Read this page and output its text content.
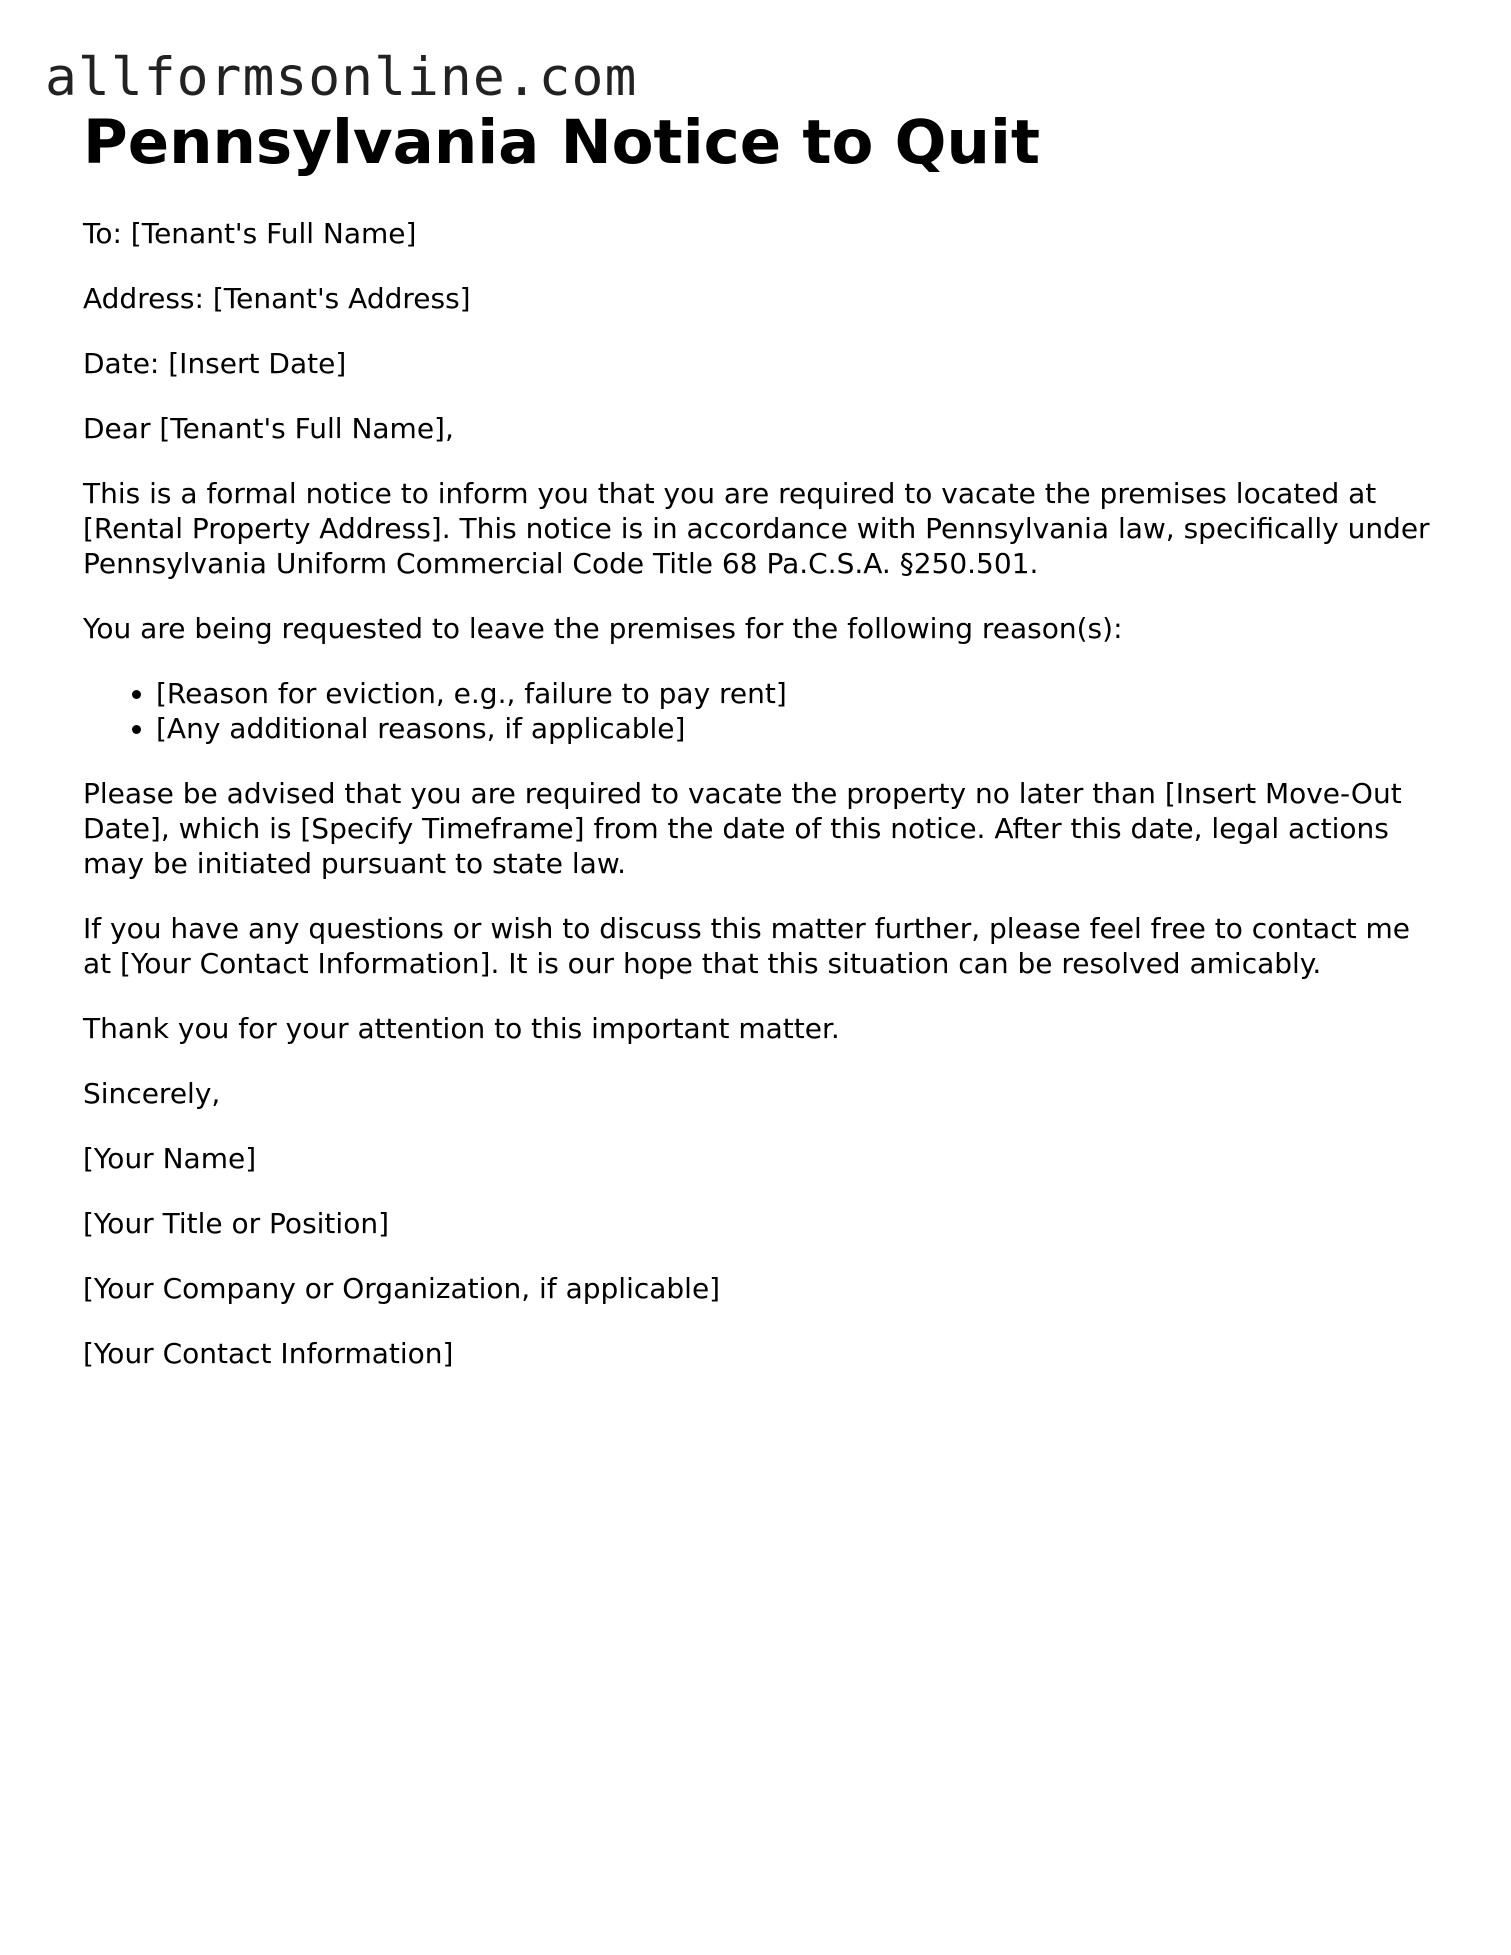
allformsonline.com
Pennsylvania Notice to Quit

To: [Tenant's Full Name]

Address: [Tenant's Address]

Date: [Insert Date]

Dear [Tenant's Full Name],

This is a formal notice to inform you that you are required to vacate the premises located at [Rental Property Address]. This notice is in accordance with Pennsylvania law, specifically under Pennsylvania Uniform Commercial Code Title 68 Pa.C.S.A. §250.501.

You are being requested to leave the premises for the following reason(s):

• [Reason for eviction, e.g., failure to pay rent]
• [Any additional reasons, if applicable]

Please be advised that you are required to vacate the property no later than [Insert Move-Out Date], which is [Specify Timeframe] from the date of this notice. After this date, legal actions may be initiated pursuant to state law.

If you have any questions or wish to discuss this matter further, please feel free to contact me at [Your Contact Information]. It is our hope that this situation can be resolved amicably.

Thank you for your attention to this important matter.

Sincerely,

[Your Name]

[Your Title or Position]

[Your Company or Organization, if applicable]

[Your Contact Information]
